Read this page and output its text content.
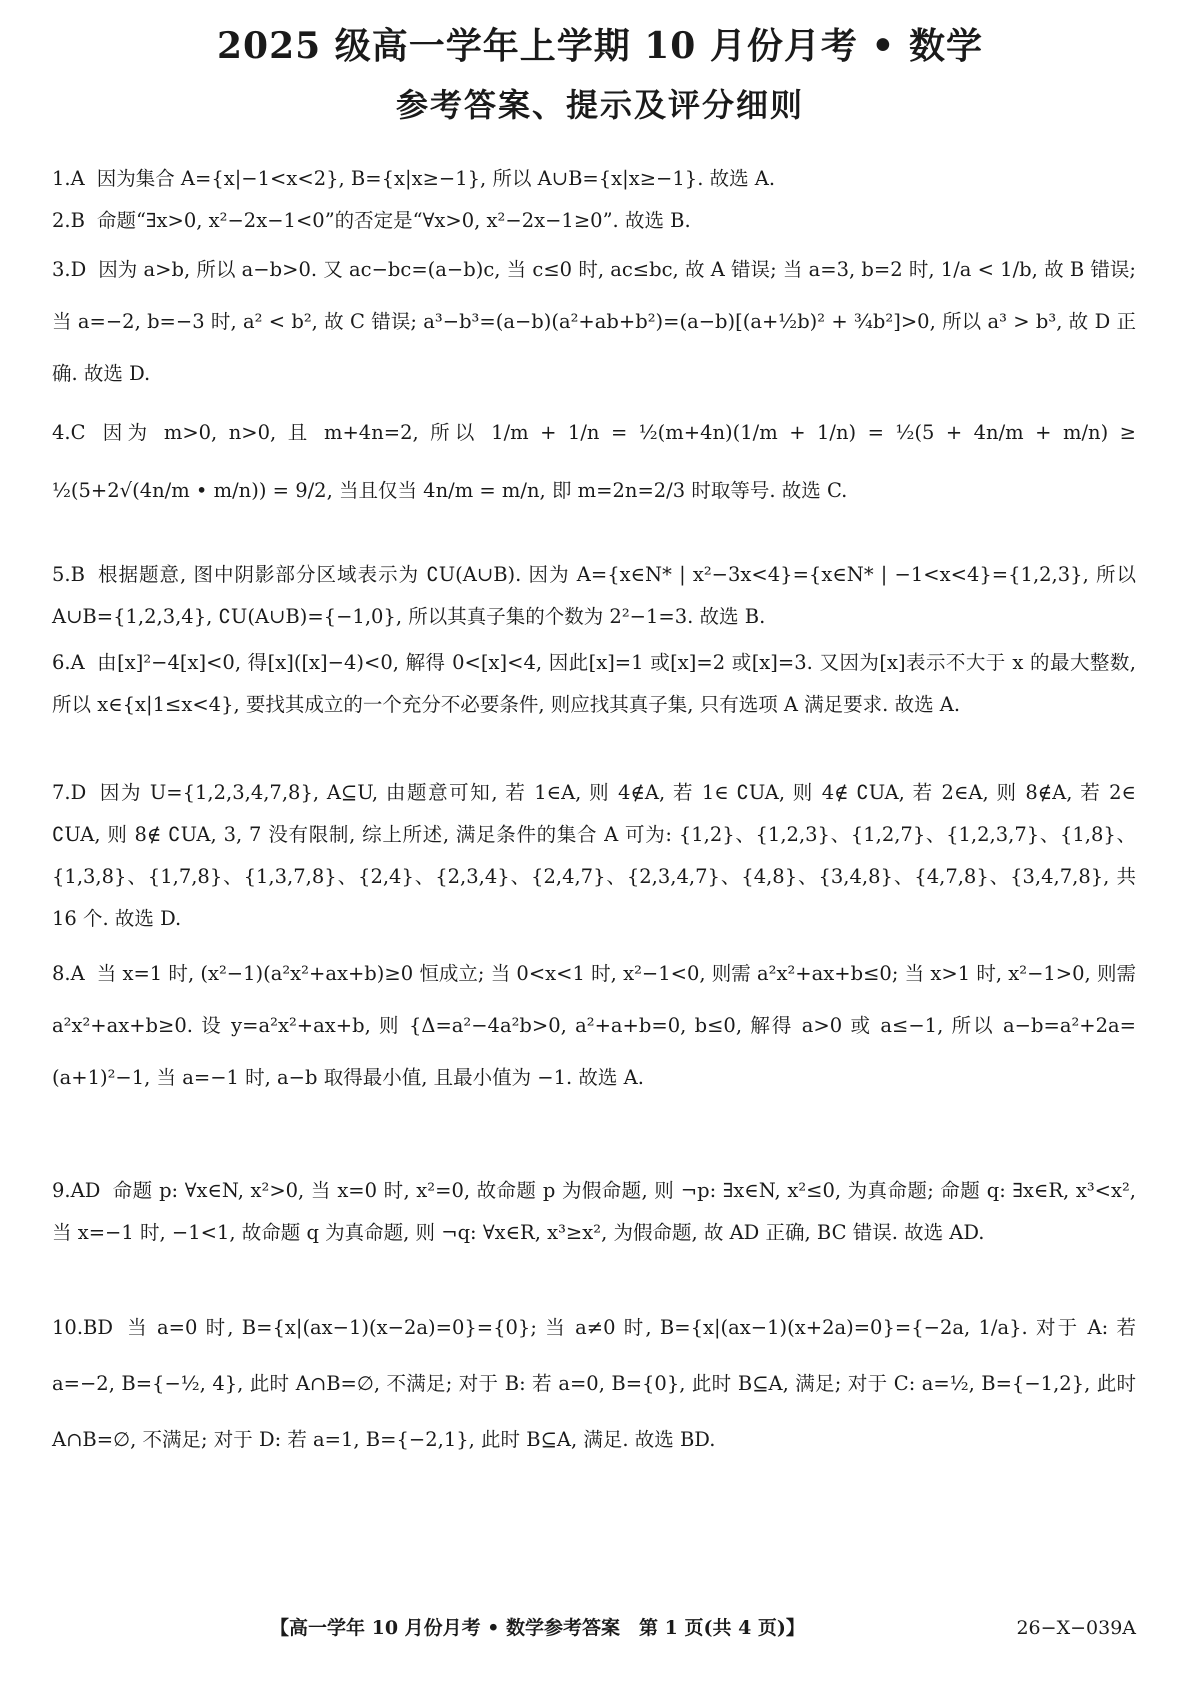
2025 级高一学年上学期 10 月份月考 • 数学
参考答案、提示及评分细则

1.A 因为集合 A={x|−1<x<2}, B={x|x≥−1}, 所以 A∪B={x|x≥−1}. 故选 A.

2.B 命题“∃x>0, x²−2x−1<0”的否定是“∀x>0, x²−2x−1≥0”. 故选 B.

3.D 因为 a>b, 所以 a−b>0. 又 ac−bc=(a−b)c, 当 c≤0 时, ac≤bc, 故 A 错误; 当 a=3, b=2 时, 1/a < 1/b, 故 B 错误; 当 a=−2, b=−3 时, a² < b², 故 C 错误; a³−b³=(a−b)(a²+ab+b²)=(a−b)[(a+½b)² + ¾b²]>0, 所以 a³ > b³, 故 D 正确. 故选 D.

4.C 因为 m>0, n>0, 且 m+4n=2, 所以 1/m + 1/n = ½(m+4n)(1/m + 1/n) = ½(5 + 4n/m + m/n) ≥ ½(5+2√(4n/m • m/n)) = 9/2, 当且仅当 4n/m = m/n, 即 m=2n=2/3 时取等号. 故选 C.

5.B 根据题意, 图中阴影部分区域表示为 ∁U(A∪B). 因为 A={x∈N* | x²−3x<4}={x∈N* | −1<x<4}={1,2,3}, 所以 A∪B={1,2,3,4}, ∁U(A∪B)={−1,0}, 所以其真子集的个数为 2²−1=3. 故选 B.

6.A 由[x]²−4[x]<0, 得[x]([x]−4)<0, 解得 0<[x]<4, 因此[x]=1 或[x]=2 或[x]=3. 又因为[x]表示不大于 x 的最大整数, 所以 x∈{x|1≤x<4}, 要找其成立的一个充分不必要条件, 则应找其真子集, 只有选项 A 满足要求. 故选 A.

7.D 因为 U={1,2,3,4,7,8}, A⊆U, 由题意可知, 若 1∈A, 则 4∉A, 若 1∈ ∁UA, 则 4∉ ∁UA, 若 2∈A, 则 8∉A, 若 2∈ ∁UA, 则 8∉ ∁UA, 3, 7 没有限制, 综上所述, 满足条件的集合 A 可为: {1,2}、{1,2,3}、{1,2,7}、{1,2,3,7}、{1,8}、{1,3,8}、{1,7,8}、{1,3,7,8}、{2,4}、{2,3,4}、{2,4,7}、{2,3,4,7}、{4,8}、{3,4,8}、{4,7,8}、{3,4,7,8}, 共 16 个. 故选 D.

8.A 当 x=1 时, (x²−1)(a²x²+ax+b)≥0 恒成立; 当 0<x<1 时, x²−1<0, 则需 a²x²+ax+b≤0; 当 x>1 时, x²−1>0, 则需 a²x²+ax+b≥0. 设 y=a²x²+ax+b, 则 {Δ=a²−4a²b>0, a²+a+b=0, b≤0, 解得 a>0 或 a≤−1, 所以 a−b=a²+2a=(a+1)²−1, 当 a=−1 时, a−b 取得最小值, 且最小值为 −1. 故选 A.

9.AD 命题 p: ∀x∈N, x²>0, 当 x=0 时, x²=0, 故命题 p 为假命题, 则 ¬p: ∃x∈N, x²≤0, 为真命题; 命题 q: ∃x∈R, x³<x², 当 x=−1 时, −1<1, 故命题 q 为真命题, 则 ¬q: ∀x∈R, x³≥x², 为假命题, 故 AD 正确, BC 错误. 故选 AD.

10.BD 当 a=0 时, B={x|(ax−1)(x−2a)=0}={0}; 当 a≠0 时, B={x|(ax−1)(x+2a)=0}={−2a, 1/a}. 对于 A: 若 a=−2, B={−½, 4}, 此时 A∩B=∅, 不满足; 对于 B: 若 a=0, B={0}, 此时 B⊆A, 满足; 对于 C: a=½, B={−1,2}, 此时 A∩B=∅, 不满足; 对于 D: 若 a=1, B={−2,1}, 此时 B⊆A, 满足. 故选 BD.

【高一学年 10 月份月考 • 数学参考答案　第 1 页(共 4 页)】	26−X−039A
